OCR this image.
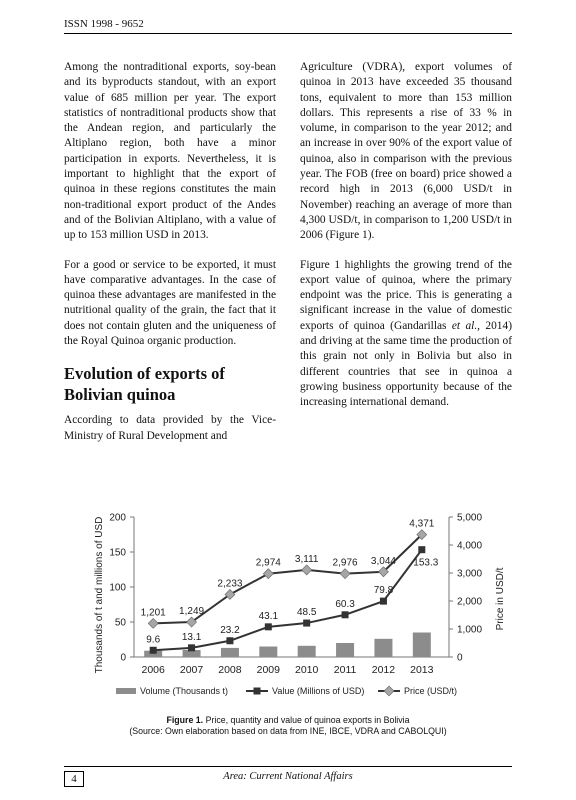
ISSN 1998 - 9652

Among the nontraditional exports, soy-bean and its byproducts standout, with an export value of 685 million per year. The export statistics of nontraditional products show that the Andean region, and particularly the Altiplano region, both have a minor participation in exports. Nevertheless, it is important to highlight that the export of quinoa in these regions constitutes the main non-traditional export product of the Andes and of the Bolivian Altiplano, with a value of up to 153 million USD in 2013.

For a good or service to be exported, it must have comparative advantages. In the case of quinoa these advantages are manifested in the nutritional quality of the grain, the fact that it does not contain gluten and the uniqueness of the Royal Quinoa organic production.

Evolution of exports of Bolivian quinoa

According to data provided by the Vice-Ministry of Rural Development and

Agriculture (VDRA), export volumes of quinoa in 2013 have exceeded 35 thousand tons, equivalent to more than 153 million dollars. This represents a rise of 33 % in volume, in comparison to the year 2012; and an increase in over 90% of the export value of quinoa, also in comparison with the previous year. The FOB (free on board) price showed a record high in 2013 (6,000 USD/t in November) reaching an average of more than 4,300 USD/t, in comparison to 1,200 USD/t in 2006 (Figure 1).

Figure 1 highlights the growing trend of the export value of quinoa, where the primary endpoint was the price. This is generating a significant increase in the value of domestic exports of quinoa (Gandarillas et al., 2014) and driving at the same time the production of this grain not only in Bolivia but also in different countries that see in quinoa a growing business opportunity because of the increasing international demand.

0
50
100
150
200
0
1,000
2,000
3,000
4,000
5,000
2006 2007 2008 2009 2010 2011 2012 2013
Thousands of t and millions of USD	Price in USD/t
9.6 13.1
23.2
43.1 48.5
60.3
79.8
153.3
1,201 1,249
2,233
2,974 3,111 2,976 3,044
4,371
Volume (Thousands t)	Value (Millions of USD)	Price (USD/t)
Figure 1. Price, quantity and value of quinoa exports in Bolivia
(Source: Own elaboration based on data from INE, IBCE, VDRA and CABOLQUI)
4	Area: Current National Affairs
